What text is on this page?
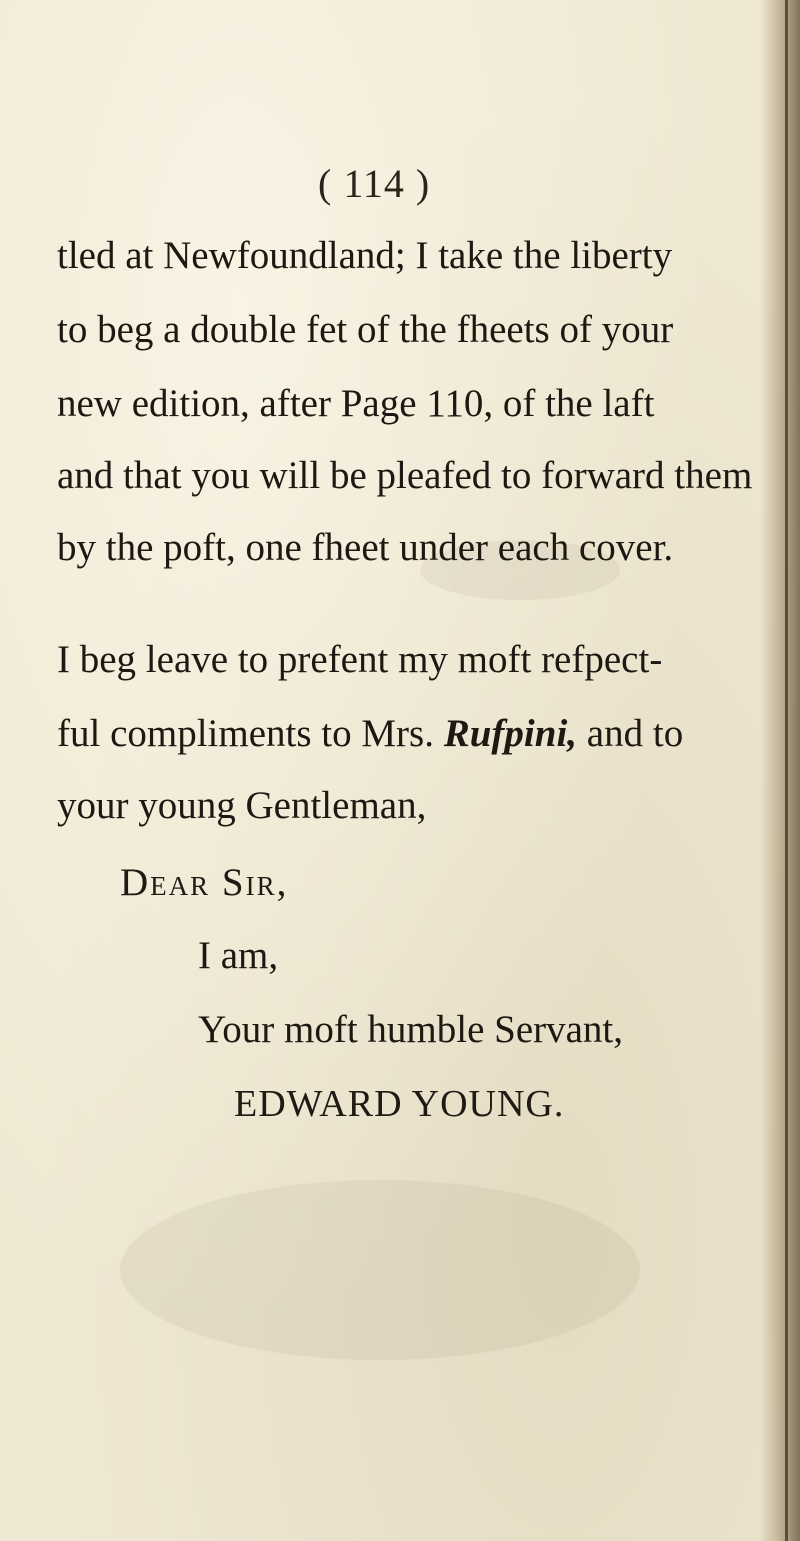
( 114 )
tled at Newfoundland; I take the liberty
to beg a double fet of the fheets of your
new edition, after Page 110, of the laft
and that you will be pleafed to forward them
by the poft, one fheet under each cover.
I beg leave to prefent my moft refpect-
ful compliments to Mrs. Rufpini, and to
your young Gentleman,
Dear Sir,
I am,
Your moft humble Servant,
EDWARD YOUNG.
